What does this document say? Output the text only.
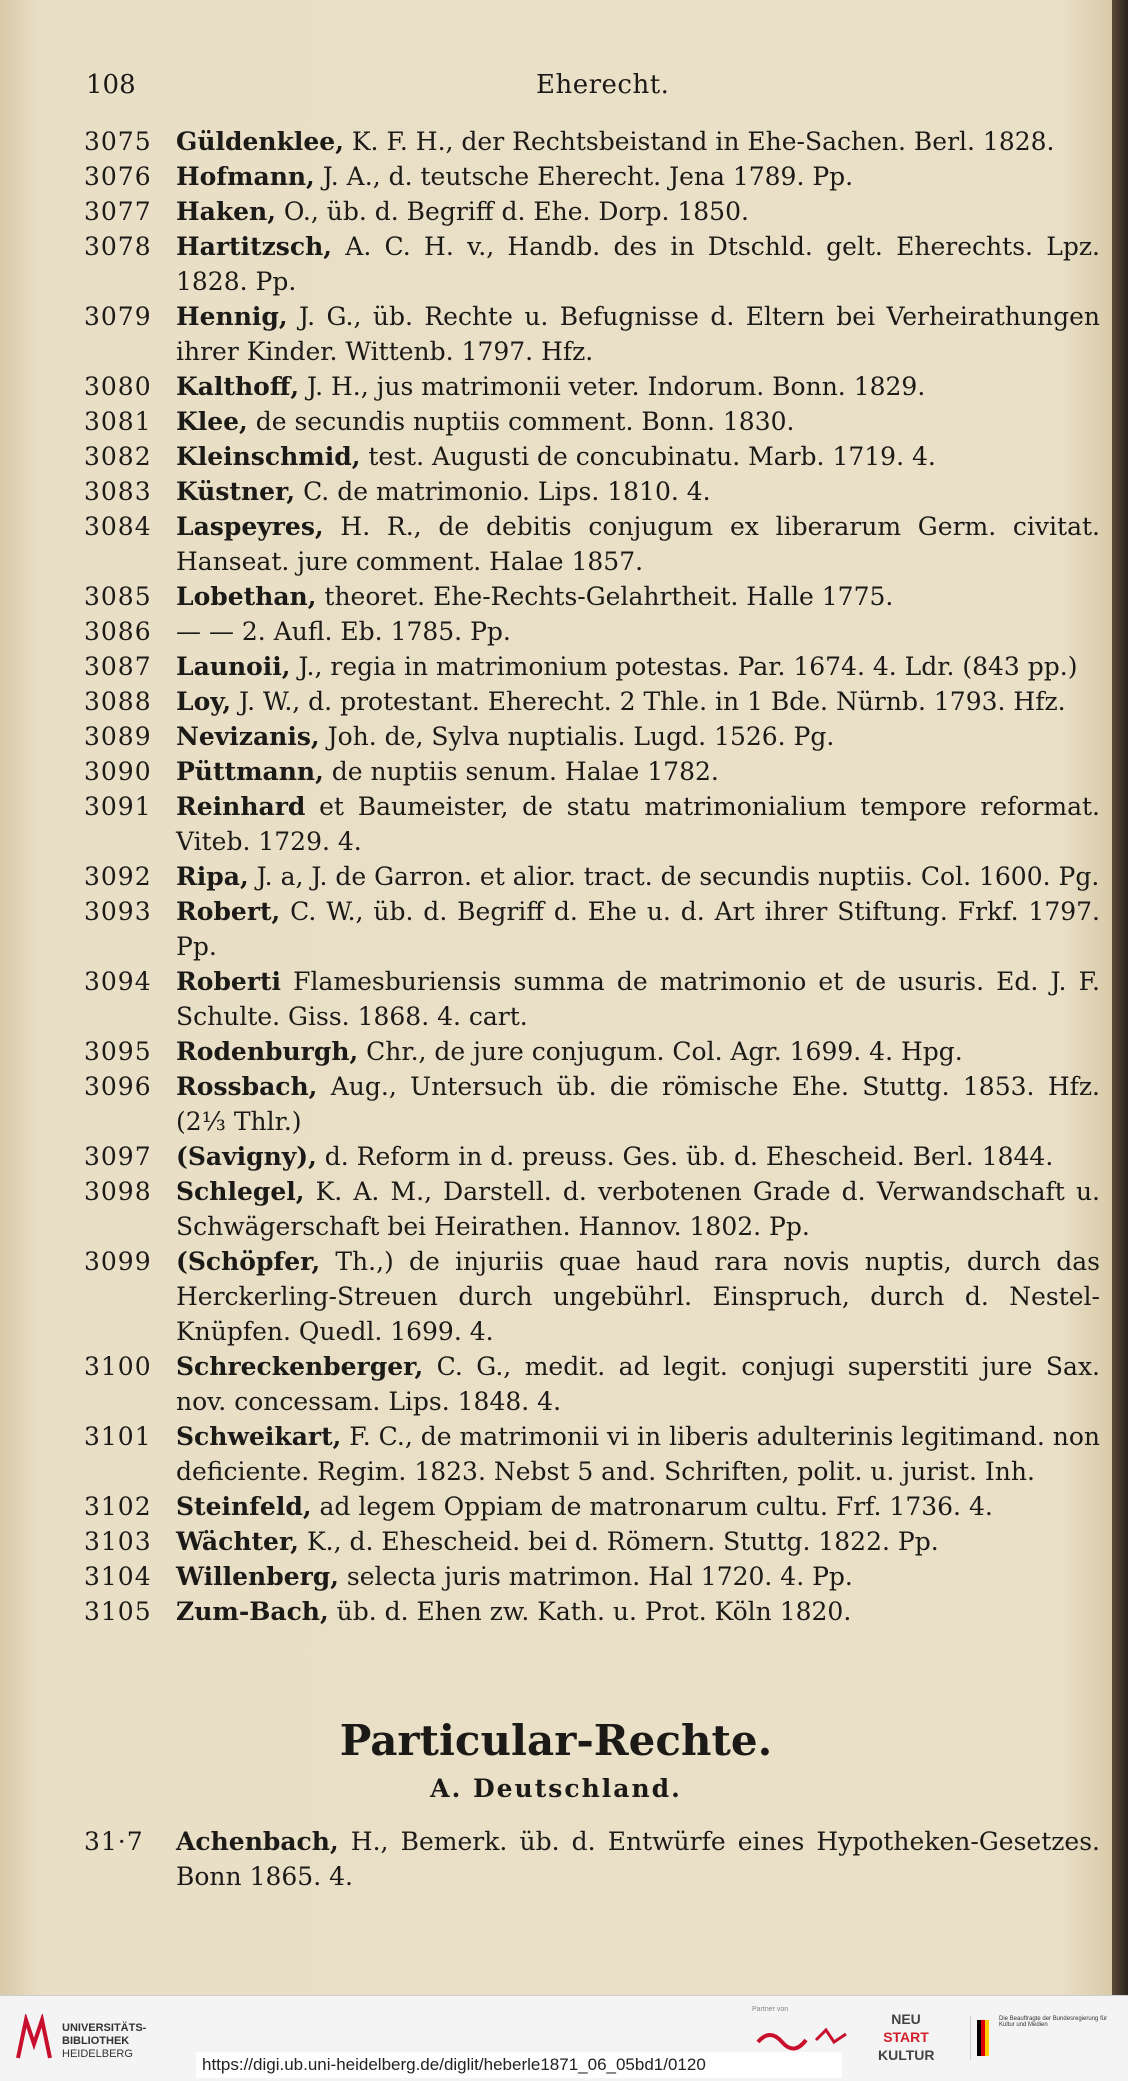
108	Eherecht.
3075 Güldenklee, K. F. H., der Rechtsbeistand in Ehe-Sachen. Berl. 1828.
3076 Hofmann, J. A., d. teutsche Eherecht. Jena 1789. Pp.
3077 Haken, O., üb. d. Begriff d. Ehe. Dorp. 1850.
3078 Hartitzsch, A. C. H. v., Handb. des in Dtschld. gelt. Eherechts. Lpz. 1828. Pp.
3079 Hennig, J. G., üb. Rechte u. Befugnisse d. Eltern bei Verheirathungen ihrer Kinder. Wittenb. 1797. Hfz.
3080 Kalthoff, J. H., jus matrimonii veter. Indorum. Bonn. 1829.
3081 Klee, de secundis nuptiis comment. Bonn. 1830.
3082 Kleinschmid, test. Augusti de concubinatu. Marb. 1719. 4.
3083 Küstner, C. de matrimonio. Lips. 1810. 4.
3084 Laspeyres, H. R., de debitis conjugum ex liberarum Germ. civitat. Hanseat. jure comment. Halae 1857.
3085 Lobethan, theoret. Ehe-Rechts-Gelahrtheit. Halle 1775.
3086 — — 2. Aufl. Eb. 1785. Pp.
3087 Launoii, J., regia in matrimonium potestas. Par. 1674. 4. Ldr. (843 pp.)
3088 Loy, J. W., d. protestant. Eherecht. 2 Thle. in 1 Bde. Nürnb. 1793. Hfz.
3089 Nevizanis, Joh. de, Sylva nuptialis. Lugd. 1526. Pg.
3090 Püttmann, de nuptiis senum. Halae 1782.
3091 Reinhard et Baumeister, de statu matrimonialium tempore reformat. Viteb. 1729. 4.
3092 Ripa, J. a, J. de Garron. et alior. tract. de secundis nuptiis. Col. 1600. Pg.
3093 Robert, C. W., üb. d. Begriff d. Ehe u. d. Art ihrer Stiftung. Frkf. 1797. Pp.
3094 Roberti Flamesburiensis summa de matrimonio et de usuris. Ed. J. F. Schulte. Giss. 1868. 4. cart.
3095 Rodenburgh, Chr., de jure conjugum. Col. Agr. 1699. 4. Hpg.
3096 Rossbach, Aug., Untersuch üb. die römische Ehe. Stuttg. 1853. Hfz. (2⅓ Thlr.)
3097 (Savigny), d. Reform in d. preuss. Ges. üb. d. Ehescheid. Berl. 1844.
3098 Schlegel, K. A. M., Darstell. d. verbotenen Grade d. Verwandschaft u. Schwägerschaft bei Heirathen. Hannov. 1802. Pp.
3099 (Schöpfer, Th.,) de injuriis quae haud rara novis nuptis, durch das Herckerling-Streuen durch ungebührl. Einspruch, durch d. Nestel-Knüpfen. Quedl. 1699. 4.
3100 Schreckenberger, C. G., medit. ad legit. conjugi superstiti jure Sax. nov. concessam. Lips. 1848. 4.
3101 Schweikart, F. C., de matrimonii vi in liberis adulterinis legitimand. non deficiente. Regim. 1823. Nebst 5 and. Schriften, polit. u. jurist. Inh.
3102 Steinfeld, ad legem Oppiam de matronarum cultu. Frf. 1736. 4.
3103 Wächter, K., d. Ehescheid. bei d. Römern. Stuttg. 1822. Pp.
3104 Willenberg, selecta juris matrimon. Hal 1720. 4. Pp.
3105 Zum-Bach, üb. d. Ehen zw. Kath. u. Prot. Köln 1820.
Particular-Rechte.
A. Deutschland.
31·7	Achenbach, H., Bemerk. üb. d. Entwürfe eines Hypotheken-Gesetzes. Bonn 1865. 4.
UNIVERSITÄTS-
BIBLIOTHEK
HEIDELBERG
Partner von
NEU
START
KULTUR
Die Beauftragte der Bundesregierung für Kultur und Medien
https://digi.ub.uni-heidelberg.de/diglit/heberle1871_06_05bd1/0120
